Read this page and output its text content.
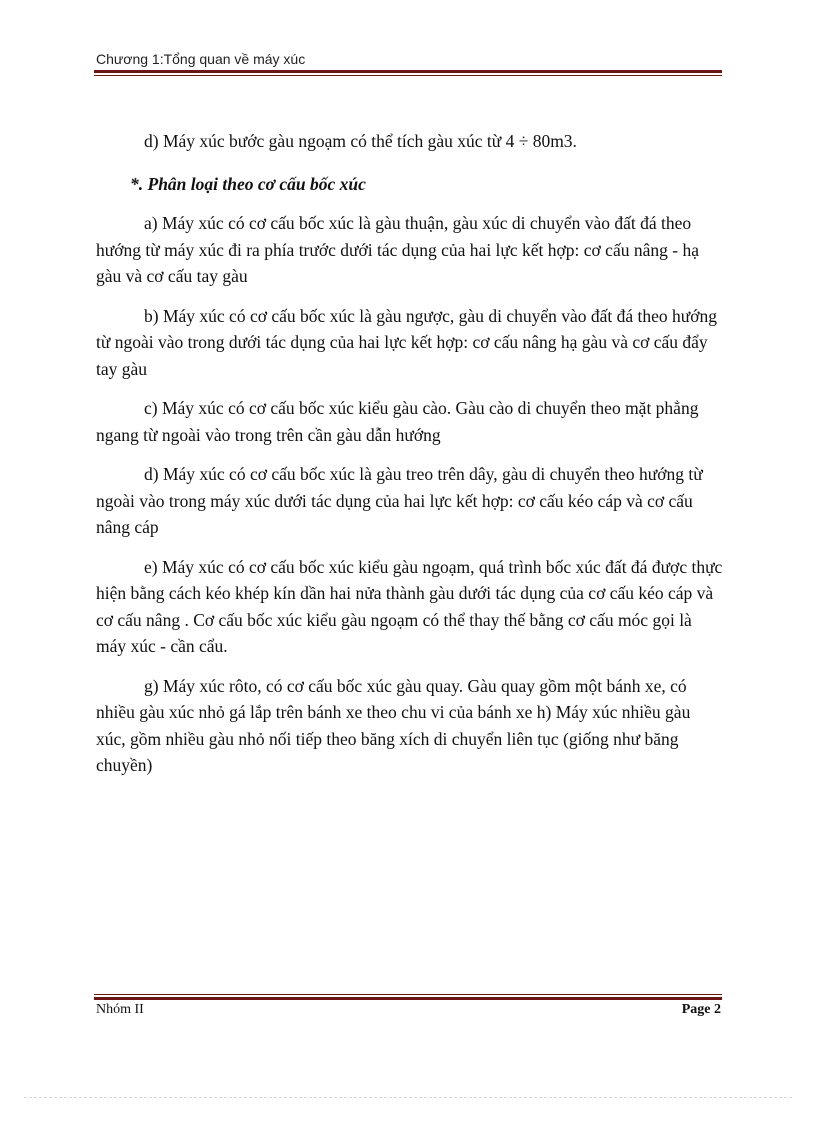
Chương 1:Tổng quan về máy xúc

d) Máy xúc bước gàu ngoạm có thể tích gàu xúc từ 4 ÷ 80m3.

*. Phân loại theo cơ cấu bốc xúc

a) Máy xúc có cơ cấu bốc xúc là gàu thuận, gàu xúc di chuyển vào đất đá theo hướng từ máy xúc đi ra phía trước dưới tác dụng của hai lực kết hợp: cơ cấu nâng - hạ gàu và cơ cấu tay gàu

b) Máy xúc có cơ cấu bốc xúc là gàu ngược, gàu di chuyển vào đất đá theo hướng từ ngoài vào trong dưới tác dụng của hai lực kết hợp: cơ cấu nâng hạ gàu và cơ cấu đẩy tay gàu

c) Máy xúc có cơ cấu bốc xúc kiểu gàu cào. Gàu cào di chuyển theo mặt phẳng ngang từ ngoài vào trong trên cần gàu dẫn hướng

d) Máy xúc có cơ cấu bốc xúc là gàu treo trên dây, gàu di chuyển theo hướng từ ngoài vào trong máy xúc dưới tác dụng của hai lực kết hợp: cơ cấu kéo cáp và cơ cấu nâng cáp

e) Máy xúc có cơ cấu bốc xúc kiểu gàu ngoạm, quá trình bốc xúc đất đá được thực hiện bằng cách kéo khép kín dần hai nửa thành gàu dưới tác dụng của cơ cấu kéo cáp và cơ cấu nâng . Cơ cấu bốc xúc kiểu gàu ngoạm có thể thay thế bằng cơ cấu móc gọi là máy xúc - cần cẩu.

g) Máy xúc rôto, có cơ cấu bốc xúc gàu quay. Gàu quay gồm một bánh xe, có nhiều gàu xúc nhỏ gá lắp trên bánh xe theo chu vi của bánh xe h) Máy xúc nhiều gàu xúc, gồm nhiều gàu nhỏ nối tiếp theo băng xích di chuyển liên tục (giống như băng chuyền)

Nhóm II	Page 2
